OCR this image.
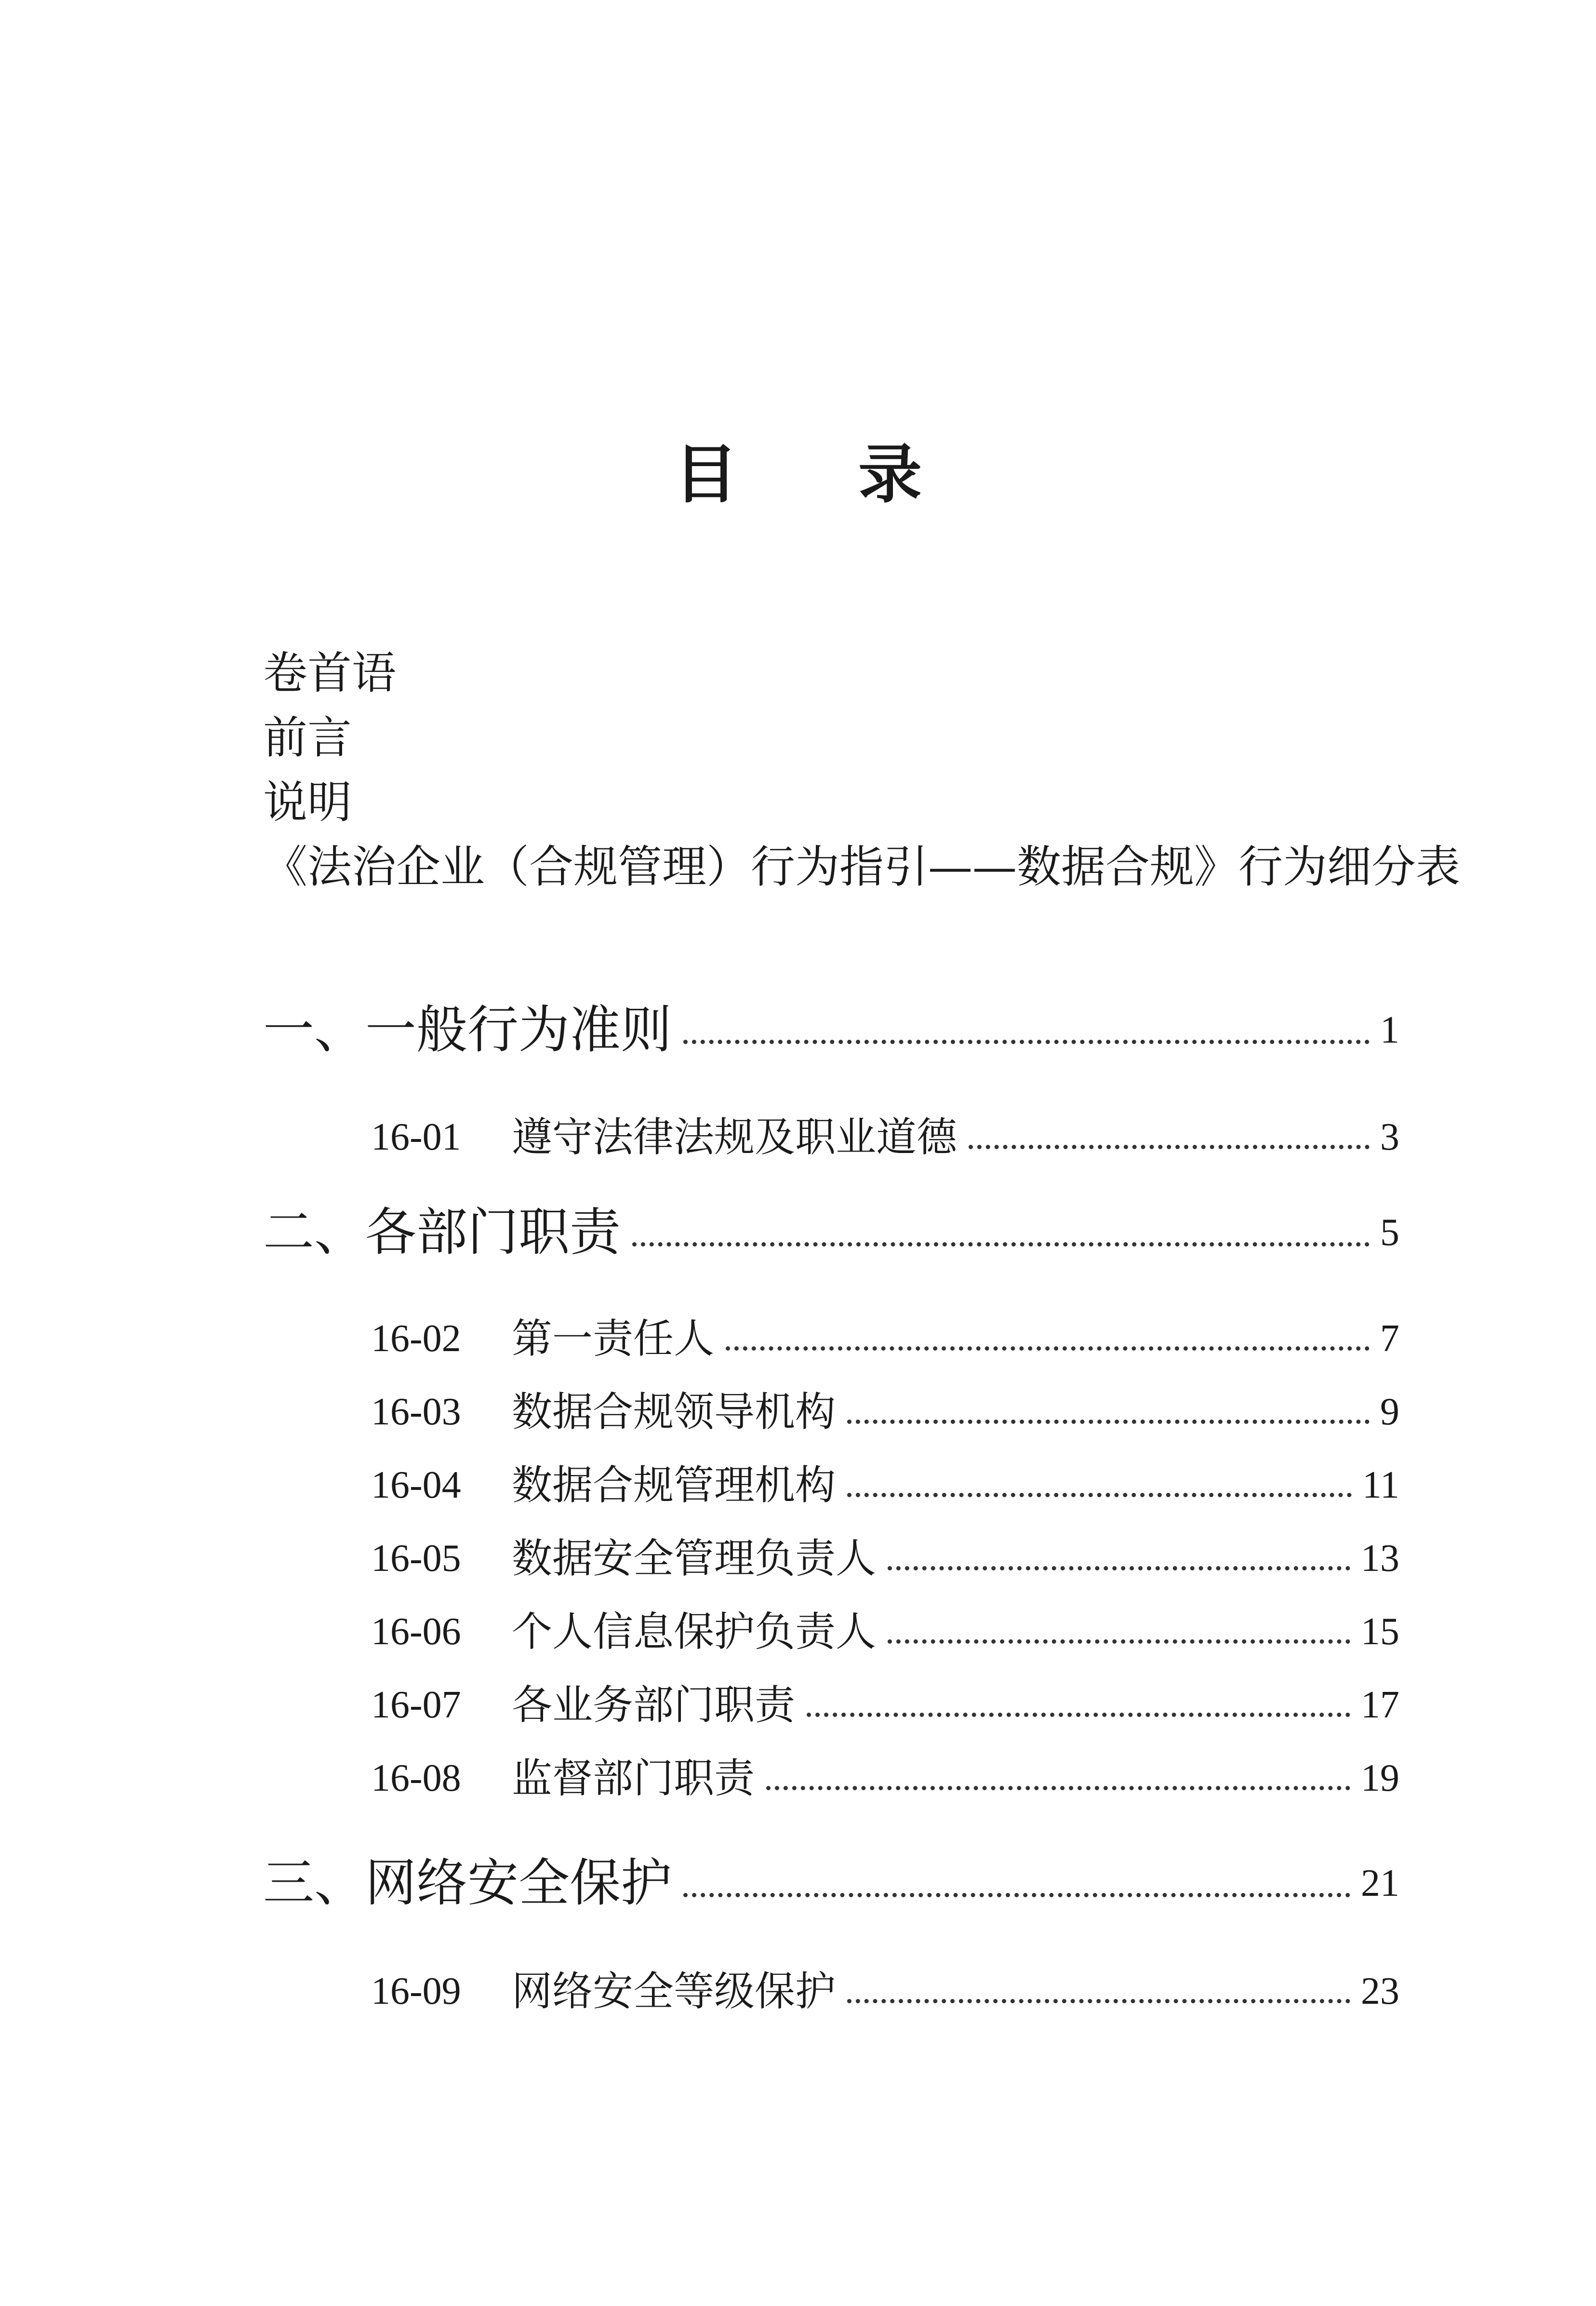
目 录
卷首语
前言
说明
《法治企业（合规管理）行为指引——数据合规》行为细分表
一、一般行为准则	1
16-01	遵守法律法规及职业道德	3
二、各部门职责	5
16-02	第一责任人	7
16-03	数据合规领导机构	9
16-04	数据合规管理机构	11
16-05	数据安全管理负责人	13
16-06	个人信息保护负责人	15
16-07	各业务部门职责	17
16-08	监督部门职责	19
三、网络安全保护	21
16-09	网络安全等级保护	23
